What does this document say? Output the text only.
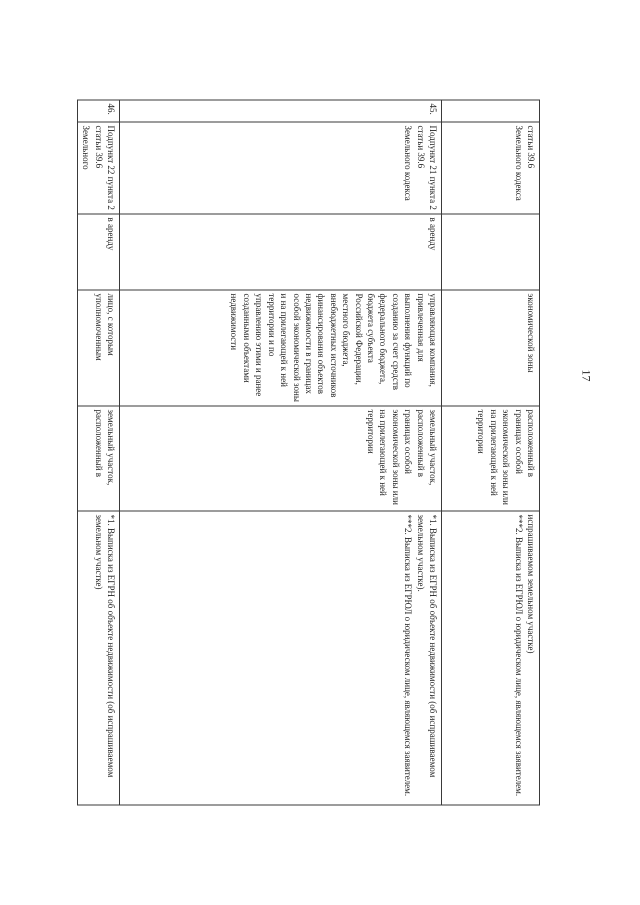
17
	статьи 39.6 Земельного кодекса		экономической зоны	расположенный в границах особой экономической зоны или на прилегающей к ней территории	испрашиваемом земельном участке)
***2. Выписка из ЕГРЮЛ о юридическом лице, являющемся заявителем.
45.	Подпункт 21 пункта 2 статьи 39.6 Земельного кодекса	в аренду	управляющая компания, привлеченная для выполнения функций по созданию за счет средств федерального бюджета, бюджета субъекта Российской Федерации, местного бюджета, внебюджетных источников финансирования объектов недвижимости в границах особой экономической зоны и на прилегающей к ней территории и по управлению этими и ранее созданными объектами недвижимости	земельный участок, расположенный в границах особой экономической зоны или на прилегающей к ней территории	*1. Выписка из ЕГРН об объекте недвижимости (об испрашиваемом земельном участке).
***2. Выписка из ЕГРЮЛ о юридическом лице, являющемся заявителем.
46.	Подпункт 22 пункта 2 статьи 39.6 Земельного	в аренду	лицо, с которым уполномоченным	земельный участок, расположенный в	*1. Выписка из ЕГРН об объекте недвижимости (об испрашиваемом земельном участке)
